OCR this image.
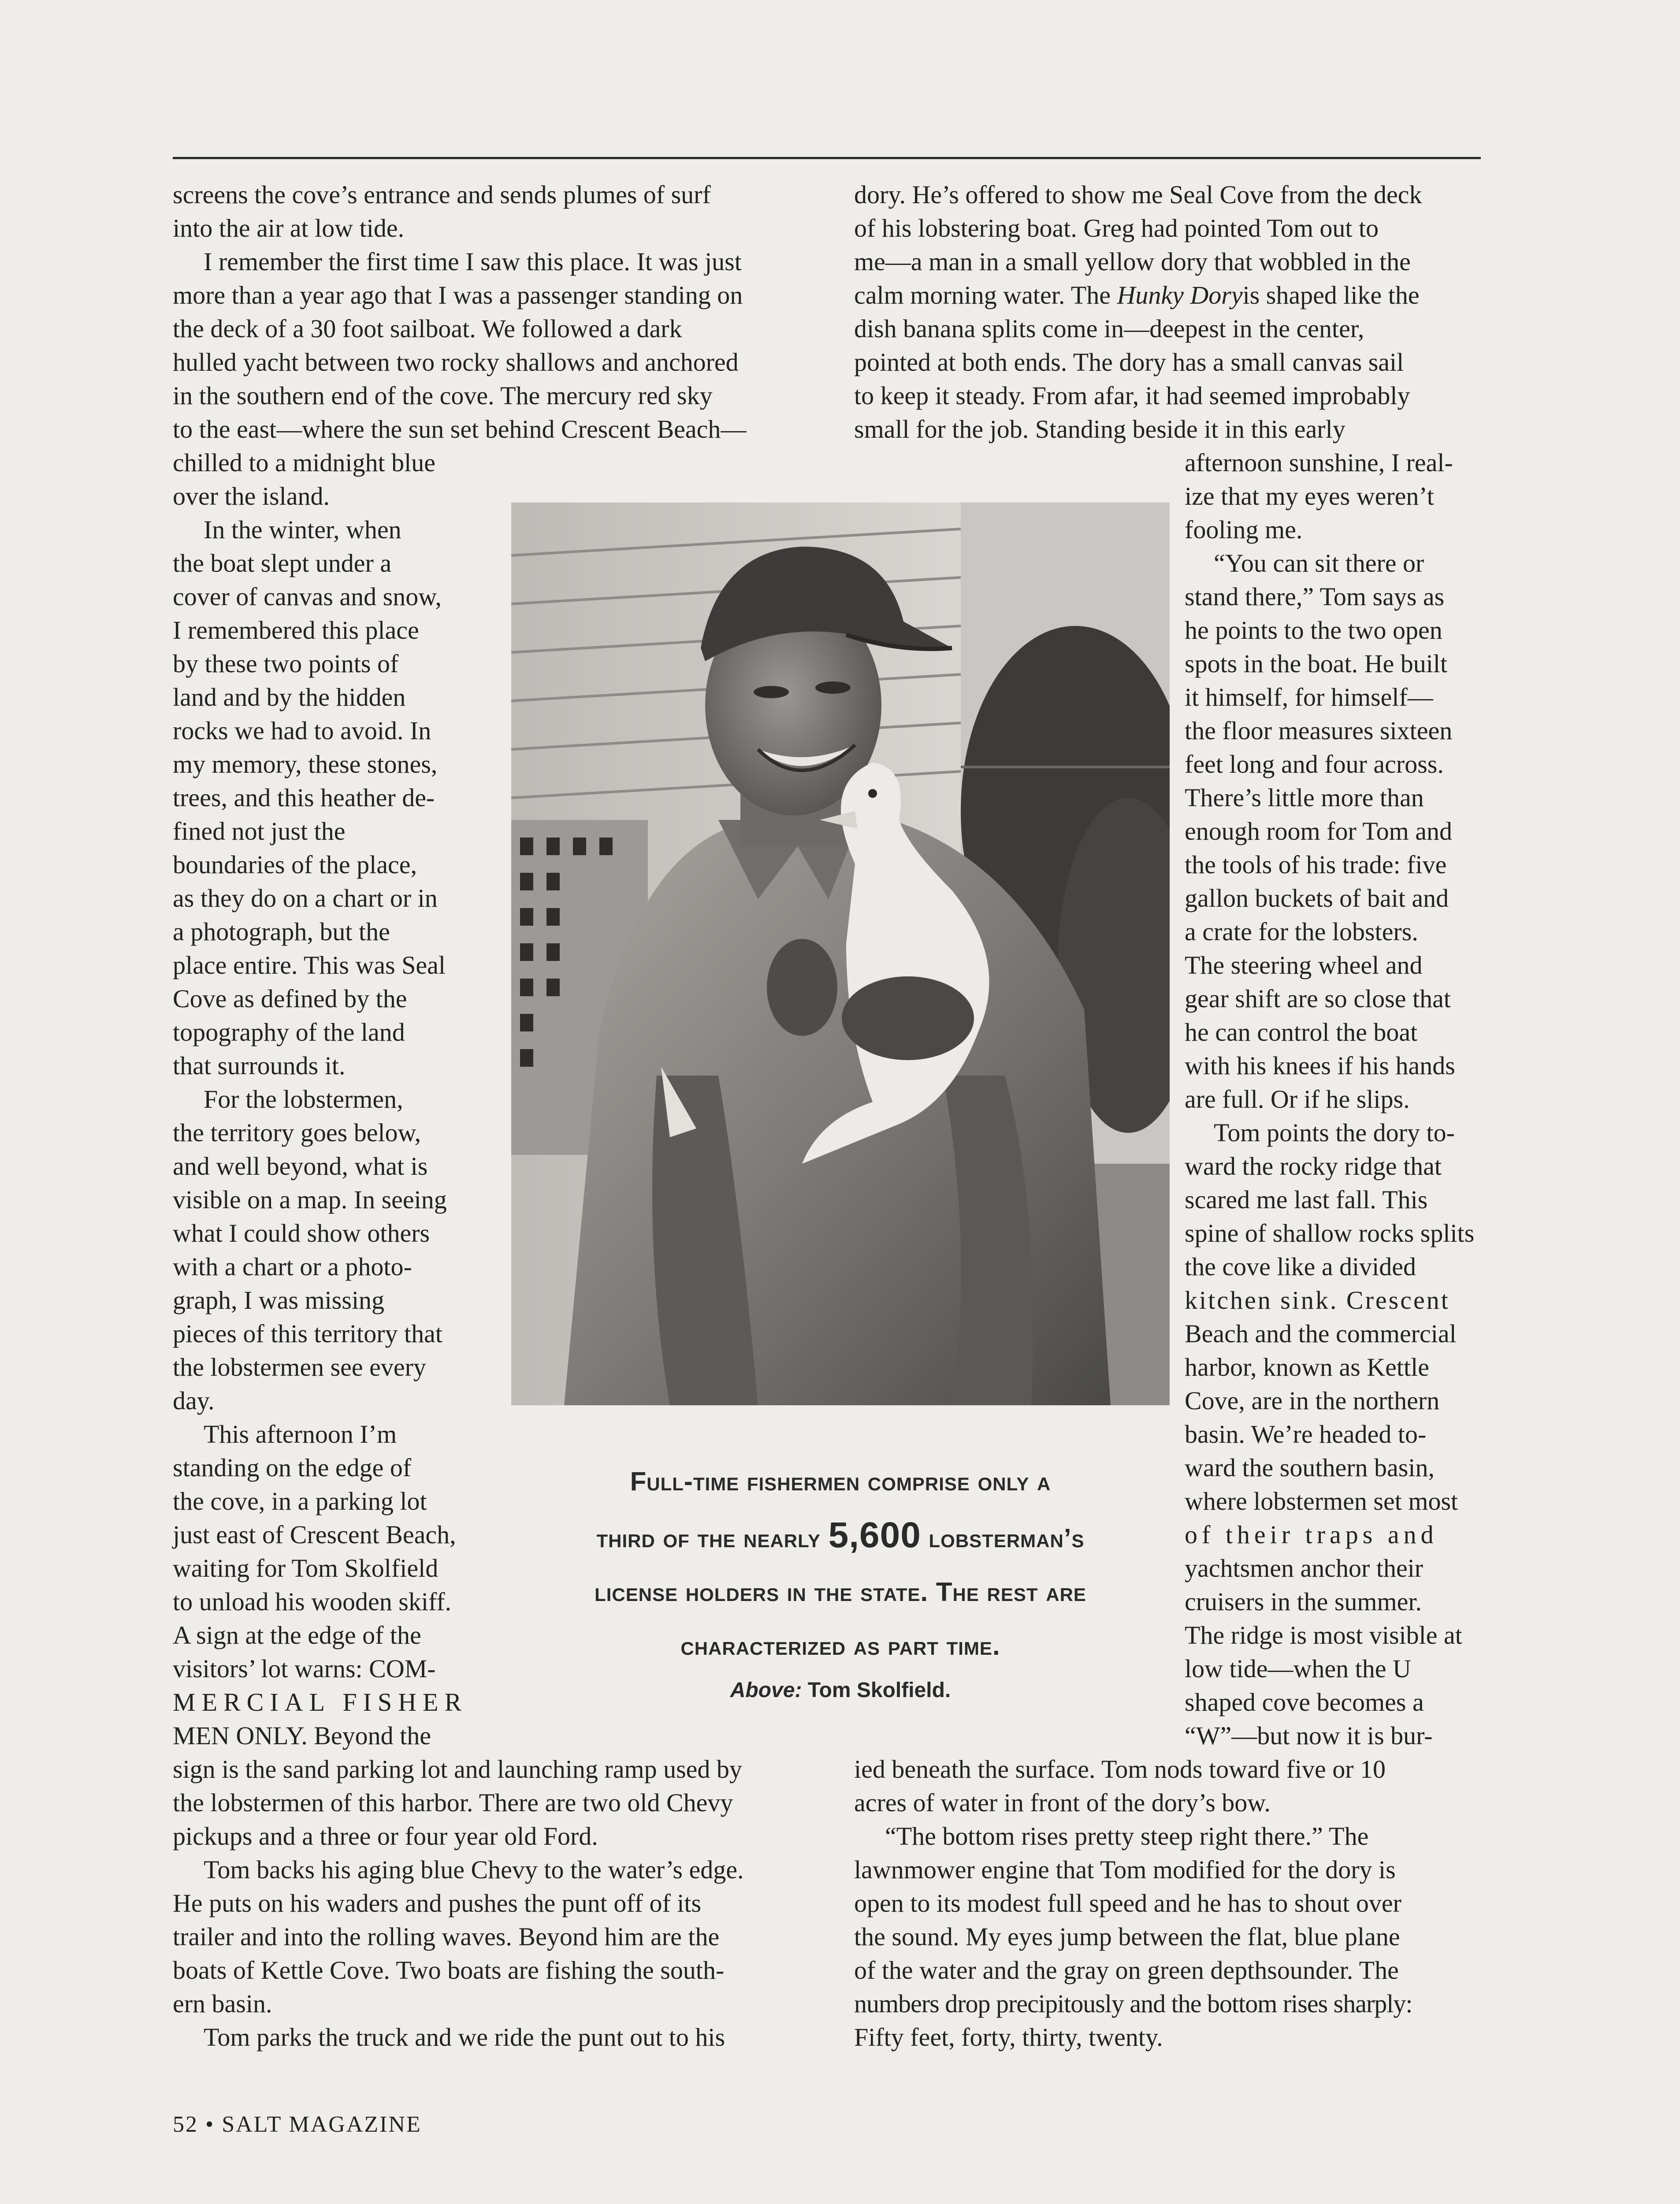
screens the cove’s entrance and sends plumes of surf
into the air at low tide.
I remember the first time I saw this place. It was just
more than a year ago that I was a passenger standing on
the deck of a 30 foot sailboat. We followed a dark
hulled yacht between two rocky shallows and anchored
in the southern end of the cove. The mercury red sky
to the east—where the sun set behind Crescent Beach—
chilled to a midnight blue
over the island.
In the winter, when
the boat slept under a
cover of canvas and snow,
I remembered this place
by these two points of
land and by the hidden
rocks we had to avoid. In
my memory, these stones,
trees, and this heather de-
fined not just the
boundaries of the place,
as they do on a chart or in
a photograph, but the
place entire. This was Seal
Cove as defined by the
topography of the land
that surrounds it.
For the lobstermen,
the territory goes below,
and well beyond, what is
visible on a map. In seeing
what I could show others
with a chart or a photo-
graph, I was missing
pieces of this territory that
the lobstermen see every
day.
This afternoon I’m
standing on the edge of
the cove, in a parking lot
just east of Crescent Beach,
waiting for Tom Skolfield
to unload his wooden skiff.
A sign at the edge of the
visitors’ lot warns: COM-
MERCIAL FISHER
MEN ONLY. Beyond the
sign is the sand parking lot and launching ramp used by
the lobstermen of this harbor. There are two old Chevy
pickups and a three or four year old Ford.
Tom backs his aging blue Chevy to the water’s edge.
He puts on his waders and pushes the punt off of its
trailer and into the rolling waves. Beyond him are the
boats of Kettle Cove. Two boats are fishing the south-
ern basin.
Tom parks the truck and we ride the punt out to his
dory. He’s offered to show me Seal Cove from the deck
of his lobstering boat. Greg had pointed Tom out to
me—a man in a small yellow dory that wobbled in the
calm morning water. The Hunky Doryis shaped like the
dish banana splits come in—deepest in the center,
pointed at both ends. The dory has a small canvas sail
to keep it steady. From afar, it had seemed improbably
small for the job. Standing beside it in this early
afternoon sunshine, I real-
ize that my eyes weren’t
fooling me.
“You can sit there or
stand there,” Tom says as
he points to the two open
spots in the boat. He built
it himself, for himself—
the floor measures sixteen
feet long and four across.
There’s little more than
enough room for Tom and
the tools of his trade: five
gallon buckets of bait and
a crate for the lobsters.
The steering wheel and
gear shift are so close that
he can control the boat
with his knees if his hands
are full. Or if he slips.
Tom points the dory to-
ward the rocky ridge that
scared me last fall. This
spine of shallow rocks splits
the cove like a divided
kitchen sink. Crescent
Beach and the commercial
harbor, known as Kettle
Cove, are in the northern
basin. We’re headed to-
ward the southern basin,
where lobstermen set most
of their traps and
yachtsmen anchor their
cruisers in the summer.
The ridge is most visible at
low tide—when the U
shaped cove becomes a
“W”—but now it is bur-
ied beneath the surface. Tom nods toward five or 10
acres of water in front of the dory’s bow.
“The bottom rises pretty steep right there.” The
lawnmower engine that Tom modified for the dory is
open to its modest full speed and he has to shout over
the sound. My eyes jump between the flat, blue plane
of the water and the gray on green depthsounder. The
numbers drop precipitously and the bottom rises sharply:
Fifty feet, forty, thirty, twenty.
Full-time fishermen comprise only a
third of the nearly 5,600 lobsterman’s
license holders in the state. The rest are
characterized as part time.
Above: Tom Skolfield.
52 • SALT MAGAZINE
